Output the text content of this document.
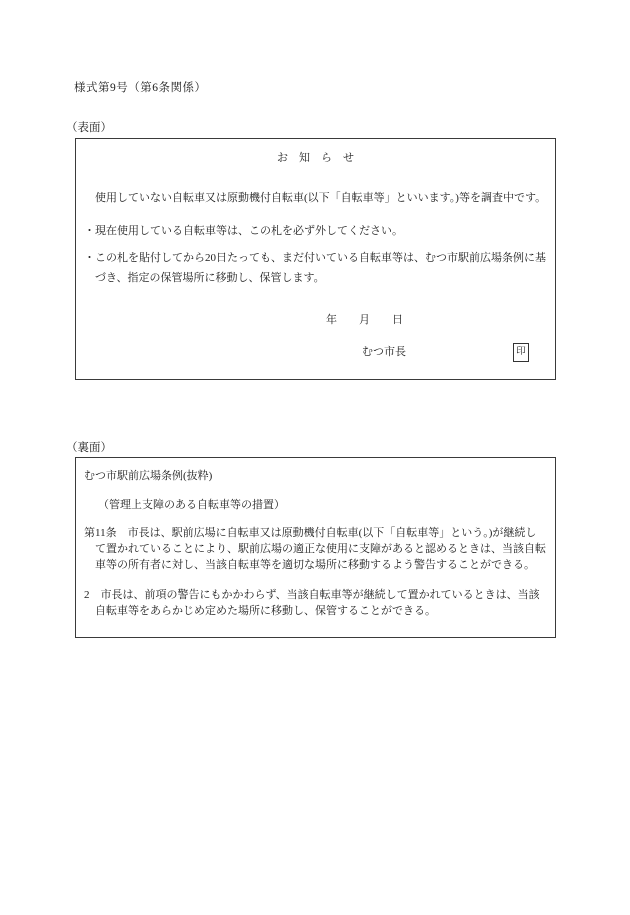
様式第9号（第6条関係）
（表面）
お　知　ら　せ

使用していない自転車又は原動機付自転車(以下「自転車等」といいます。)等を調査中です。

・現在使用している自転車等は、この札を必ず外してください。

・この札を貼付してから20日たっても、まだ付いている自転車等は、むつ市駅前広場条例に基づき、指定の保管場所に移動し、保管します。

年　　月　　日
むつ市長	印
（裏面）
むつ市駅前広場条例(抜粋)
（管理上支障のある自転車等の措置）

第11条　市長は、駅前広場に自転車又は原動機付自転車(以下「自転車等」という。)が継続して置かれていることにより、駅前広場の適正な使用に支障があると認めるときは、当該自転車等の所有者に対し、当該自転車等を適切な場所に移動するよう警告することができる。

2　市長は、前項の警告にもかかわらず、当該自転車等が継続して置かれているときは、当該自転車等をあらかじめ定めた場所に移動し、保管することができる。
